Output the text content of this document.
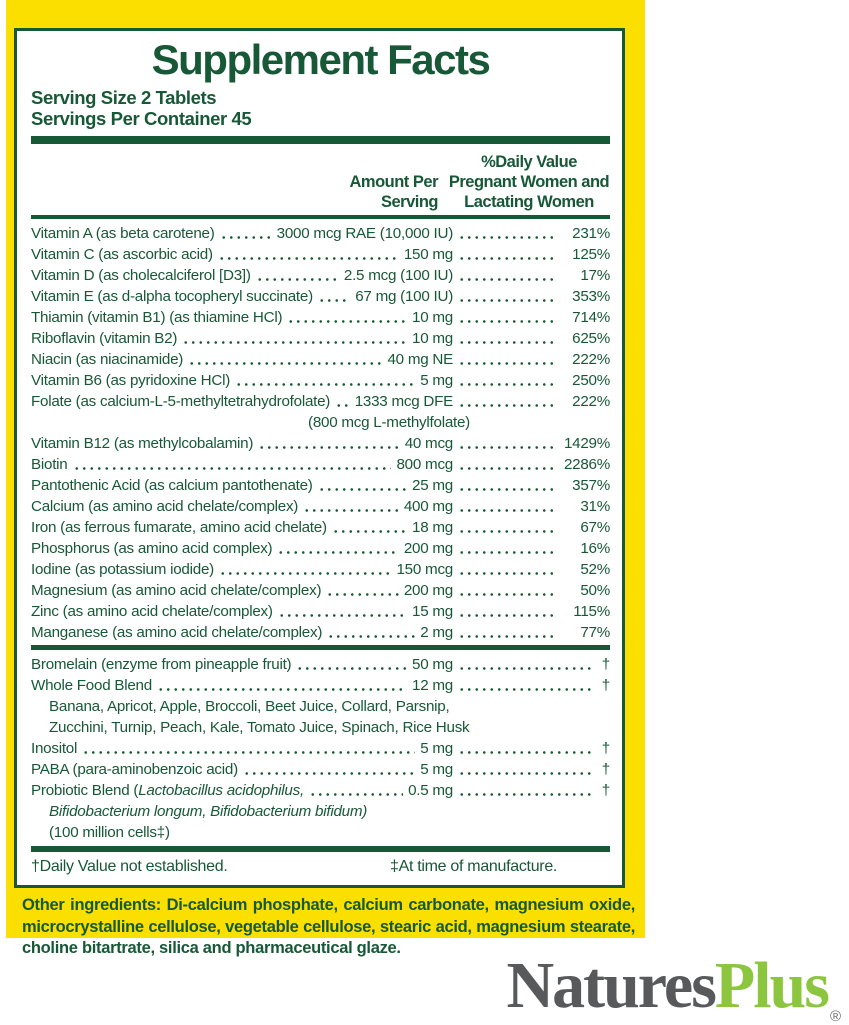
Supplement Facts
Serving Size 2 Tablets
Servings Per Container 45
Amount Per
Serving
%Daily Value
Pregnant Women and
Lactating Women
Vitamin A (as beta carotene)	3000 mcg RAE (10,000 IU)	231%
Vitamin C (as ascorbic acid)	150 mg	125%
Vitamin D (as cholecalciferol [D3])	2.5 mcg (100 IU)	17%
Vitamin E (as d-alpha tocopheryl succinate)	67 mg (100 IU)	353%
Thiamin (vitamin B1) (as thiamine HCl)	10 mg	714%
Riboflavin (vitamin B2)	10 mg	625%
Niacin (as niacinamide)	40 mg NE	222%
Vitamin B6 (as pyridoxine HCl)	5 mg	250%
Folate (as calcium-L-5-methyltetrahydrofolate) 1333 mcg DFE	222%
(800 mcg L-methylfolate)
Vitamin B12 (as methylcobalamin)	40 mcg	1429%
Biotin	800 mcg	2286%
Pantothenic Acid (as calcium pantothenate)	25 mg	357%
Calcium (as amino acid chelate/complex)	400 mg	31%
Iron (as ferrous fumarate, amino acid chelate)	18 mg	67%
Phosphorus (as amino acid complex)	200 mg	16%
Iodine (as potassium iodide)	150 mcg	52%
Magnesium (as amino acid chelate/complex)	200 mg	50%
Zinc (as amino acid chelate/complex)	15 mg	115%
Manganese (as amino acid chelate/complex)	2 mg	77%
Bromelain (enzyme from pineapple fruit)	50 mg	†
Whole Food Blend	12 mg	†
Banana, Apricot, Apple, Broccoli, Beet Juice, Collard, Parsnip,
Zucchini, Turnip, Peach, Kale, Tomato Juice, Spinach, Rice Husk
Inositol	5 mg	†
PABA (para-aminobenzoic acid)	5 mg	†
Probiotic Blend (Lactobacillus acidophilus,	0.5 mg	†
Bifidobacterium longum, Bifidobacterium bifidum)
(100 million cells‡)
†Daily Value not established.	‡At time of manufacture.

Other ingredients: Di-calcium phosphate, calcium carbonate, magnesium oxide, microcrystalline cellulose, vegetable cellulose, stearic acid, magnesium stearate, choline bitartrate, silica and pharmaceutical glaze.

NaturesPlus $_®$
